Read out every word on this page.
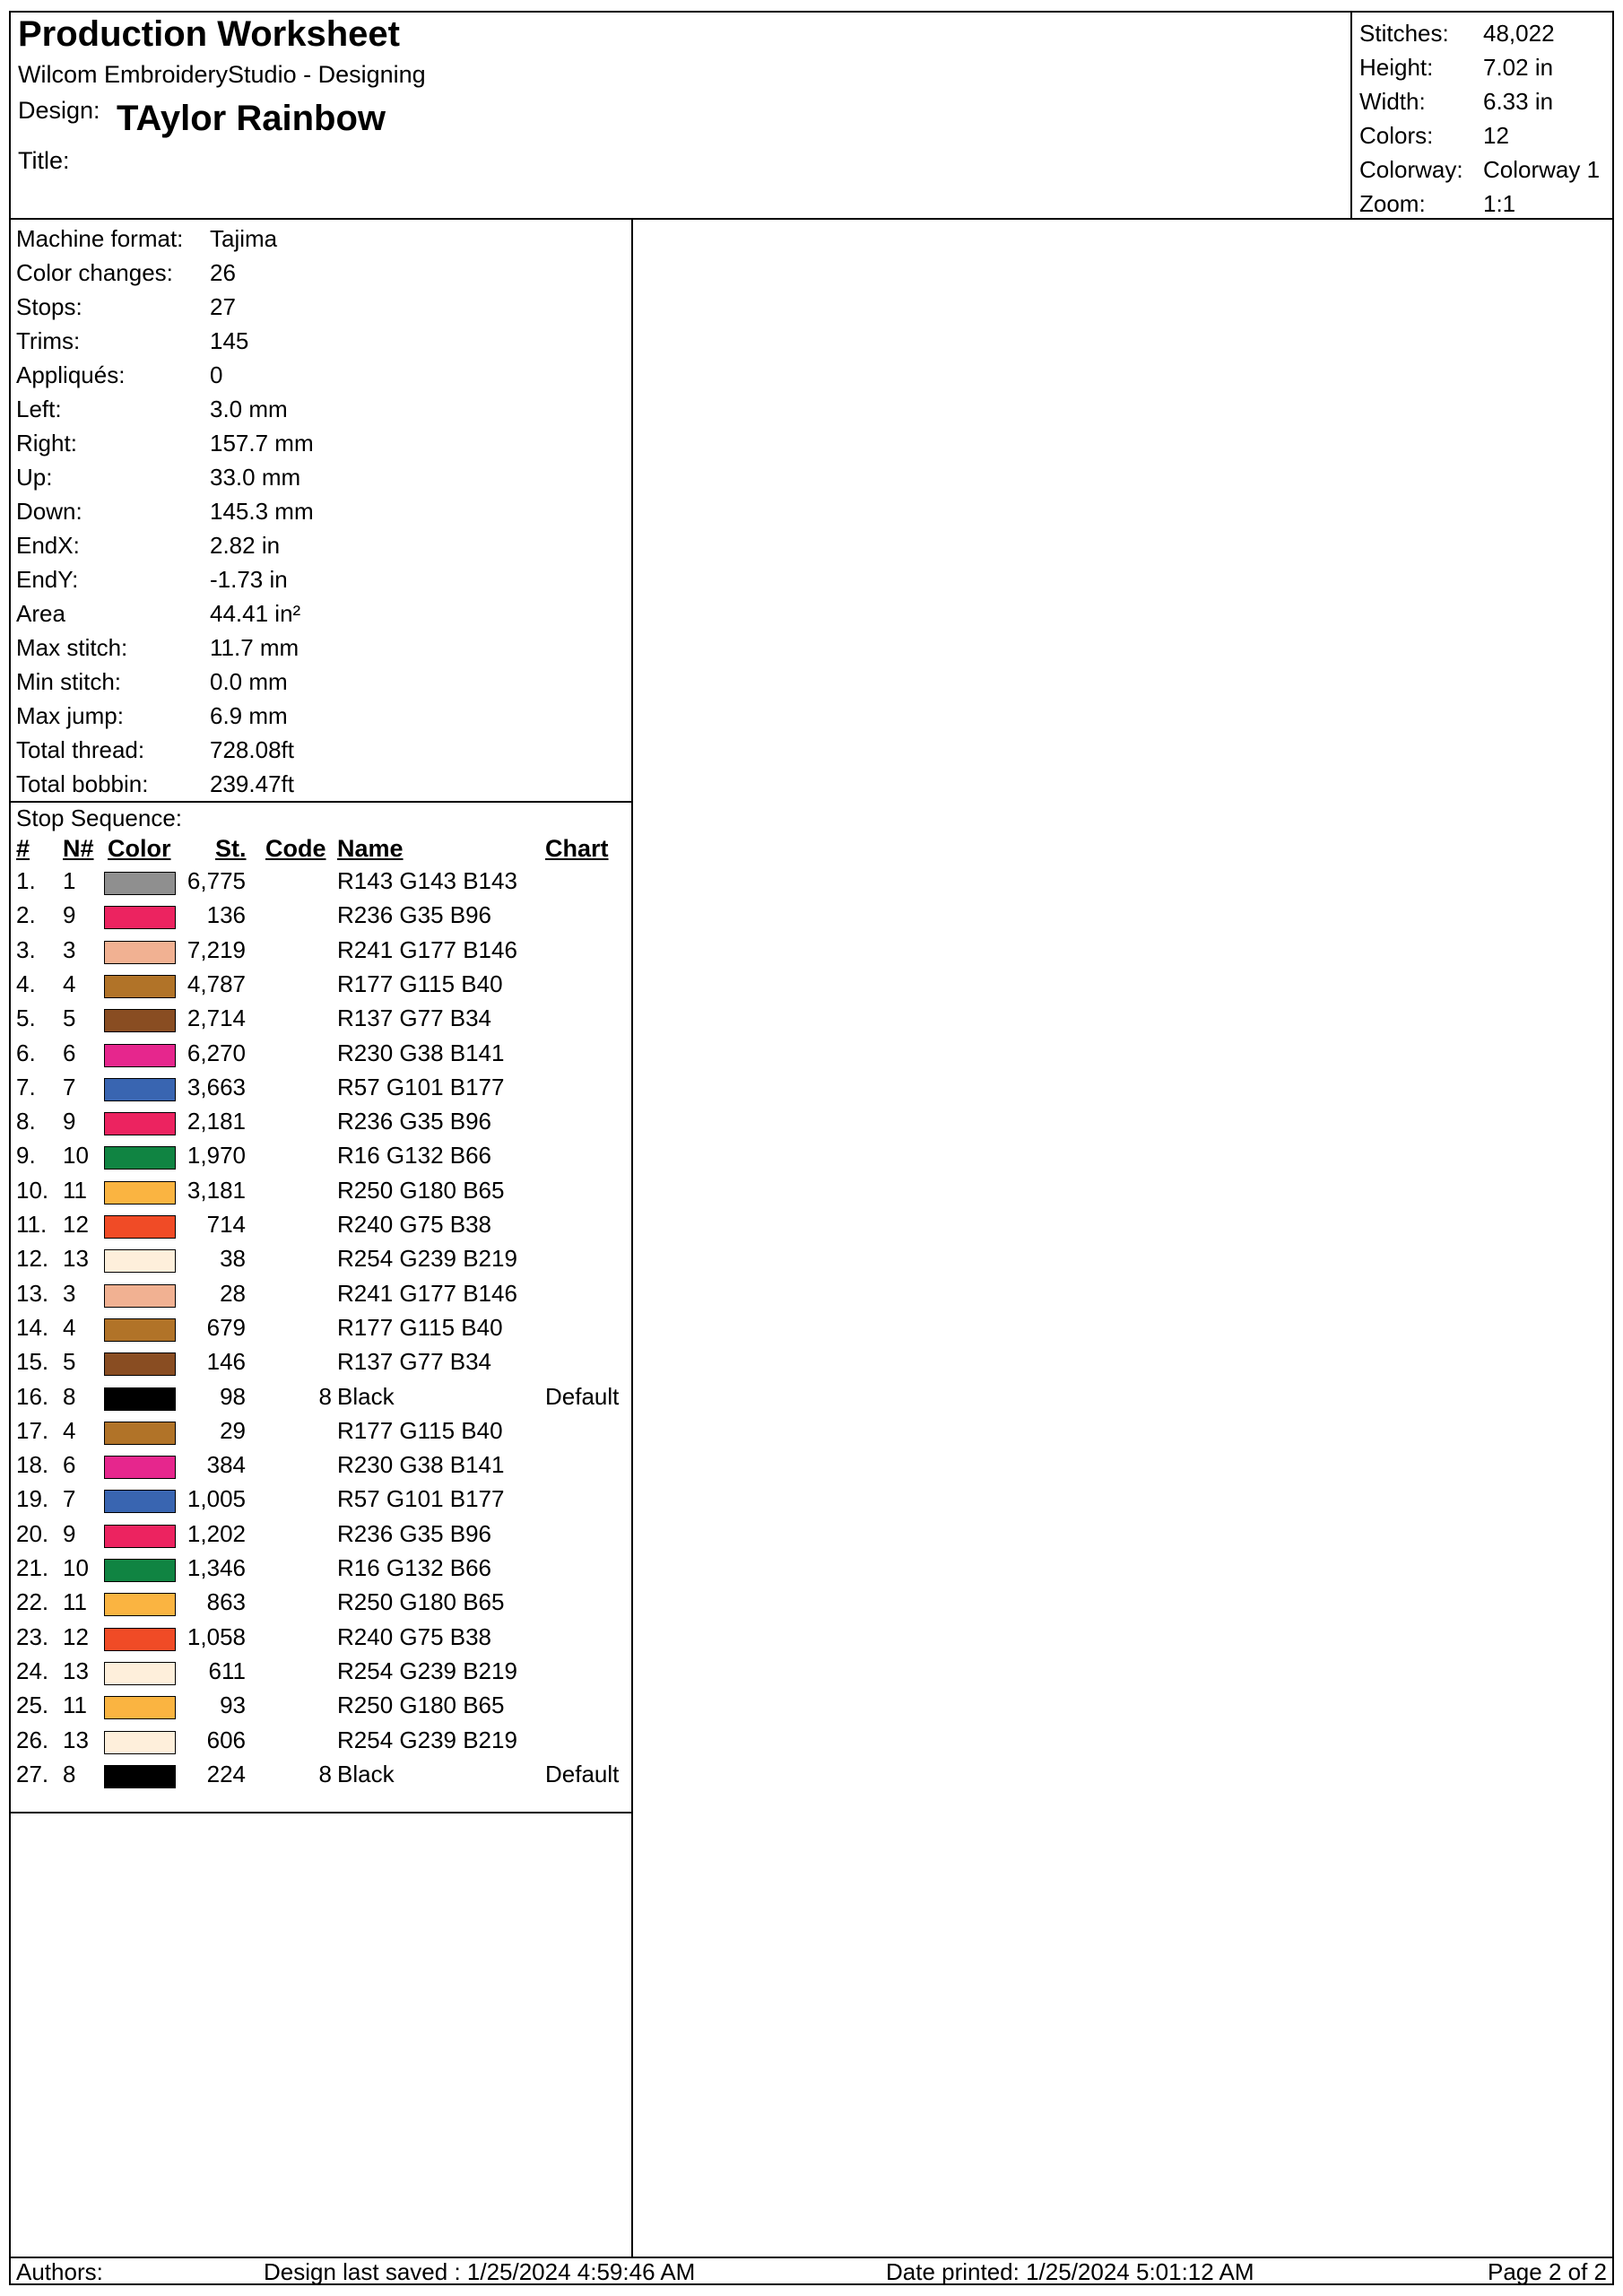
Production Worksheet
Wilcom EmbroideryStudio - Designing
Design: TAylor Rainbow
Title:
Stitches: 48,022
Height: 7.02 in
Width: 6.33 in
Colors: 12
Colorway: Colorway 1
Zoom: 1:1
Machine format: Tajima
Color changes: 26
Stops:	27
Trims:	145
Appliqués:	0
Left:	3.0 mm
Right:	157.7 mm
Up:	33.0 mm
Down:	145.3 mm
EndX:	2.82 in
EndY:	-1.73 in
Area	44.41 in²
Max stitch:	11.7 mm
Min stitch:	0.0 mm
Max jump:	6.9 mm
Total thread:	728.08ft
Total bobbin:	239.47ft
Stop Sequence:
# N# Color St. Code Name	Chart
1. 1	6,775	R143 G143 B143
2. 9	136	R236 G35 B96
3. 3	7,219	R241 G177 B146
4. 4	4,787	R177 G115 B40
5. 5	2,714	R137 G77 B34
6. 6	6,270	R230 G38 B141
7. 7	3,663	R57 G101 B177
8. 9	2,181	R236 G35 B96
9. 10	1,970	R16 G132 B66
10. 11	3,181	R250 G180 B65
11. 12	714	R240 G75 B38
12. 13	38	R254 G239 B219
13. 3	28	R241 G177 B146
14. 4	679	R177 G115 B40
15. 5	146	R137 G77 B34
16. 8	98	8 Black	Default
17. 4	29	R177 G115 B40
18. 6	384	R230 G38 B141
19. 7	1,005	R57 G101 B177
20. 9	1,202	R236 G35 B96
21. 10	1,346	R16 G132 B66
22. 11	863	R250 G180 B65
23. 12	1,058	R240 G75 B38
24. 13	611	R254 G239 B219
25. 11	93	R250 G180 B65
26. 13	606	R254 G239 B219
27. 8	224	8 Black	Default
Authors:	Design last saved : 1/25/2024 4:59:46 AM	Date printed: 1/25/2024 5:01:12 AM	Page 2 of 2
